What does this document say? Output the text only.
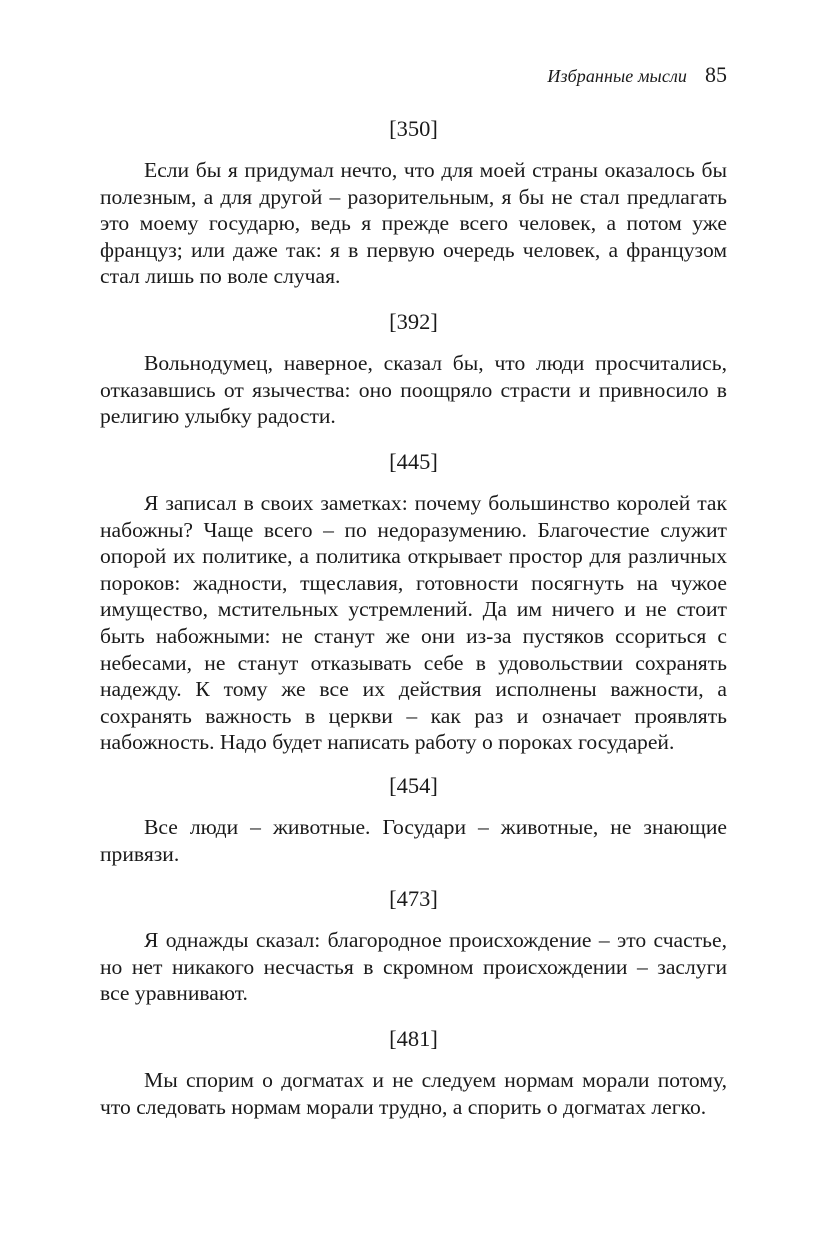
Избранные мысли 85
[350]

Если бы я придумал нечто, что для моей страны оказалось бы полезным, а для другой – разорительным, я бы не стал предлагать это моему государю, ведь я прежде всего человек, а потом уже француз; или даже так: я в первую очередь человек, а французом стал лишь по воле случая.

[392]

Вольнодумец, наверное, сказал бы, что люди просчитались, отказавшись от язычества: оно поощряло страсти и привносило в религию улыбку радости.

[445]

Я записал в своих заметках: почему большинство королей так набожны? Чаще всего – по недоразумению. Благочестие служит опорой их политике, а политика открывает простор для различных пороков: жадности, тщеславия, готовности посягнуть на чужое имущество, мстительных устремлений. Да им ничего и не стоит быть набожными: не станут же они из-за пустяков ссориться с небесами, не станут отказывать себе в удовольствии сохранять надежду. К тому же все их действия исполнены важности, а сохранять важность в церкви – как раз и означает проявлять набожность. Надо будет написать работу о пороках государей.

[454]

Все люди – животные. Государи – животные, не знающие привязи.

[473]

Я однажды сказал: благородное происхождение – это счастье, но нет никакого несчастья в скромном происхождении – заслуги все уравнивают.

[481]

Мы спорим о догматах и не следуем нормам морали потому, что следовать нормам морали трудно, а спорить о догматах легко.
